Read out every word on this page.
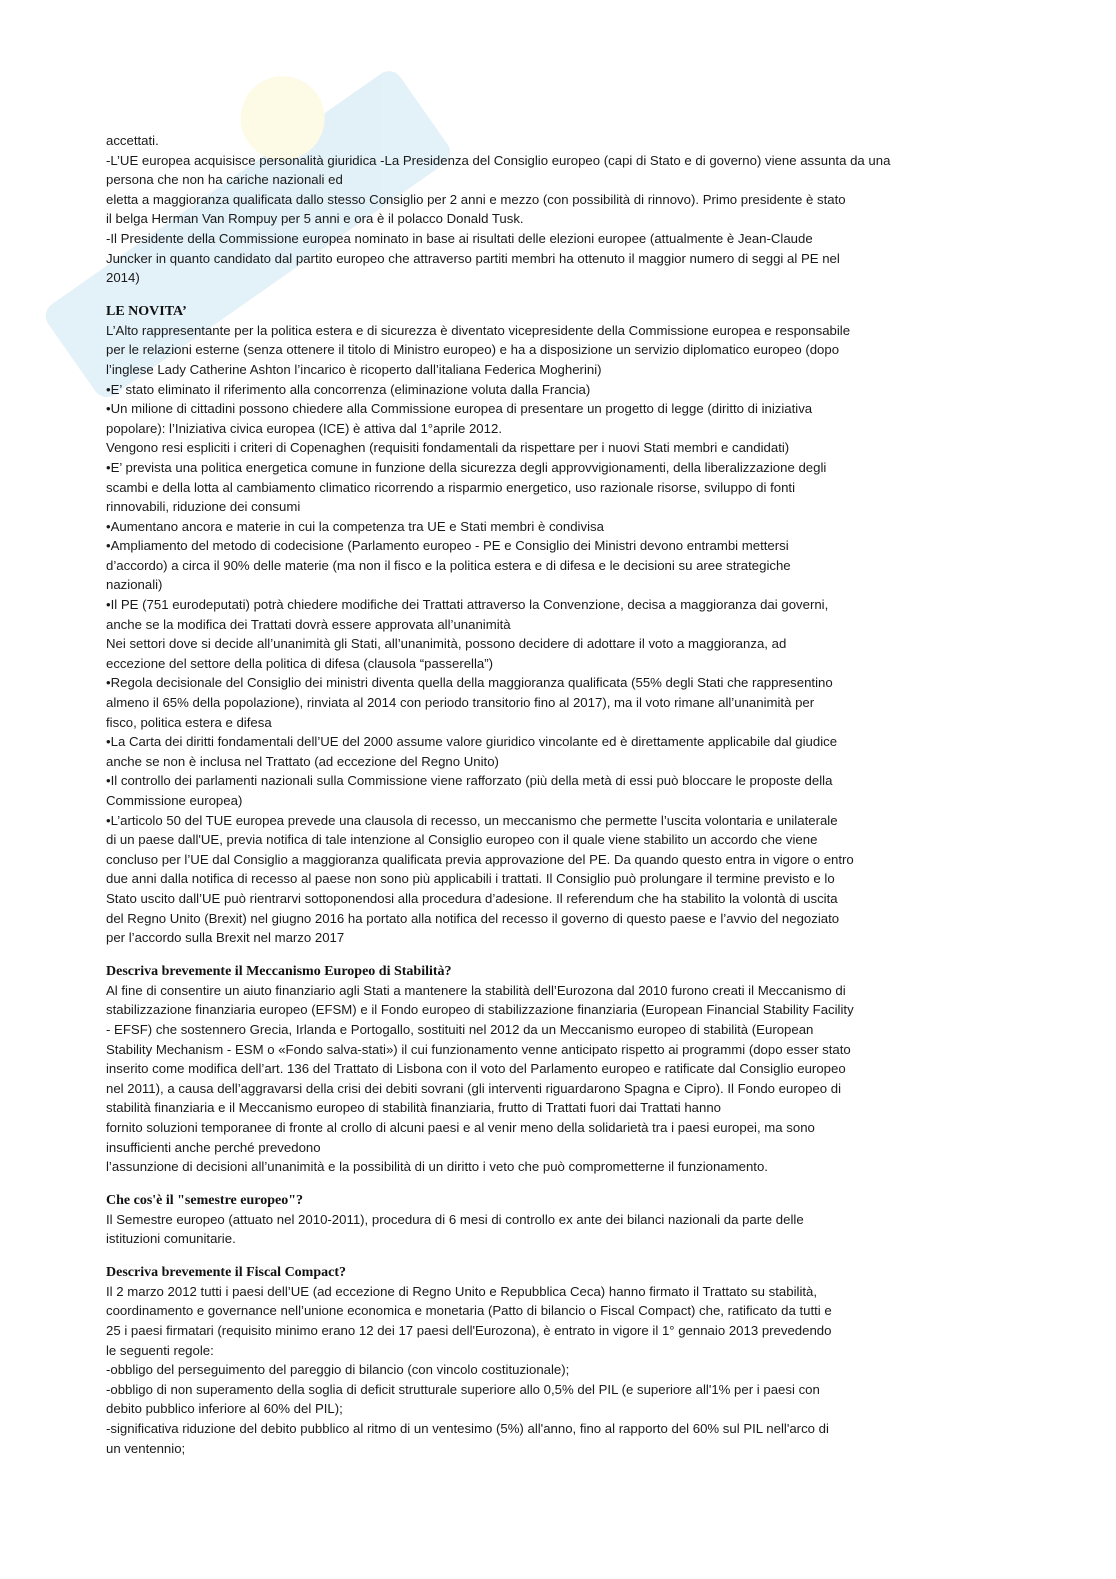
accettati.
-L’UE europea acquisisce personalità giuridica -La Presidenza del Consiglio europeo (capi di Stato e di governo) viene assunta da una
persona che non ha cariche nazionali ed
eletta a maggioranza qualificata dallo stesso Consiglio per 2 anni e mezzo (con possibilità di rinnovo). Primo presidente è stato
il belga Herman Van Rompuy per 5 anni e ora è il polacco Donald Tusk.
-Il Presidente della Commissione europea nominato in base ai risultati delle elezioni europee (attualmente è Jean-Claude
Juncker in quanto candidato dal partito europeo che attraverso partiti membri ha ottenuto il maggior numero di seggi al PE nel
2014)
LE NOVITA’
L’Alto rappresentante per la politica estera e di sicurezza è diventato vicepresidente della Commissione europea e responsabile
per le relazioni esterne (senza ottenere il titolo di Ministro europeo) e ha a disposizione un servizio diplomatico europeo (dopo
l’inglese Lady Catherine Ashton l’incarico è ricoperto dall’italiana Federica Mogherini)
•E’ stato eliminato il riferimento alla concorrenza (eliminazione voluta dalla Francia)
•Un milione di cittadini possono chiedere alla Commissione europea di presentare un progetto di legge (diritto di iniziativa
popolare): l’Iniziativa civica europea (ICE) è attiva dal 1°aprile 2012.
Vengono resi espliciti i criteri di Copenaghen (requisiti fondamentali da rispettare per i nuovi Stati membri e candidati)
•E’ prevista una politica energetica comune in funzione della sicurezza degli approvvigionamenti, della liberalizzazione degli
scambi e della lotta al cambiamento climatico ricorrendo a risparmio energetico, uso razionale risorse, sviluppo di fonti
rinnovabili, riduzione dei consumi
•Aumentano ancora e materie in cui la competenza tra UE e Stati membri è condivisa
•Ampliamento del metodo di codecisione (Parlamento europeo - PE e Consiglio dei Ministri devono entrambi mettersi
d’accordo) a circa il 90% delle materie (ma non il fisco e la politica estera e di difesa e le decisioni su aree strategiche
nazionali)
•Il PE (751 eurodeputati) potrà chiedere modifiche dei Trattati attraverso la Convenzione, decisa a maggioranza dai governi,
anche se la modifica dei Trattati dovrà essere approvata all’unanimità
Nei settori dove si decide all’unanimità gli Stati, all’unanimità, possono decidere di adottare il voto a maggioranza, ad
eccezione del settore della politica di difesa (clausola “passerella”)
•Regola decisionale del Consiglio dei ministri diventa quella della maggioranza qualificata (55% degli Stati che rappresentino
almeno il 65% della popolazione), rinviata al 2014 con periodo transitorio fino al 2017), ma il voto rimane all’unanimità per
fisco, politica estera e difesa
•La Carta dei diritti fondamentali dell’UE del 2000 assume valore giuridico vincolante ed è direttamente applicabile dal giudice
anche se non è inclusa nel Trattato (ad eccezione del Regno Unito)
•Il controllo dei parlamenti nazionali sulla Commissione viene rafforzato (più della metà di essi può bloccare le proposte della
Commissione europea)
•L’articolo 50 del TUE europea prevede una clausola di recesso, un meccanismo che permette l’uscita volontaria e unilaterale
di un paese dall'UE, previa notifica di tale intenzione al Consiglio europeo con il quale viene stabilito un accordo che viene
concluso per l’UE dal Consiglio a maggioranza qualificata previa approvazione del PE. Da quando questo entra in vigore o entro
due anni dalla notifica di recesso al paese non sono più applicabili i trattati. Il Consiglio può prolungare il termine previsto e lo
Stato uscito dall’UE può rientrarvi sottoponendosi alla procedura d’adesione. Il referendum che ha stabilito la volontà di uscita
del Regno Unito (Brexit) nel giugno 2016 ha portato alla notifica del recesso il governo di questo paese e l’avvio del negoziato
per l’accordo sulla Brexit nel marzo 2017
Descriva brevemente il Meccanismo Europeo di Stabilità?
Al fine di consentire un aiuto finanziario agli Stati a mantenere la stabilità dell’Eurozona dal 2010 furono creati il Meccanismo di
stabilizzazione finanziaria europeo (EFSM) e il Fondo europeo di stabilizzazione finanziaria (European Financial Stability Facility
- EFSF) che sostennero Grecia, Irlanda e Portogallo, sostituiti nel 2012 da un Meccanismo europeo di stabilità (European
Stability Mechanism - ESM o «Fondo salva-stati») il cui funzionamento venne anticipato rispetto ai programmi (dopo esser stato
inserito come modifica dell’art. 136 del Trattato di Lisbona con il voto del Parlamento europeo e ratificate dal Consiglio europeo
nel 2011), a causa dell’aggravarsi della crisi dei debiti sovrani (gli interventi riguardarono Spagna e Cipro). Il Fondo europeo di
stabilità finanziaria e il Meccanismo europeo di stabilità finanziaria, frutto di Trattati fuori dai Trattati hanno
fornito soluzioni temporanee di fronte al crollo di alcuni paesi e al venir meno della solidarietà tra i paesi europei, ma sono
insufficienti anche perché prevedono
l’assunzione di decisioni all’unanimità e la possibilità di un diritto i veto che può comprometterne il funzionamento.
Che cos'è il "semestre europeo"?
Il Semestre europeo (attuato nel 2010-2011), procedura di 6 mesi di controllo ex ante dei bilanci nazionali da parte delle
istituzioni comunitarie.
Descriva brevemente il Fiscal Compact?
Il 2 marzo 2012 tutti i paesi dell’UE (ad eccezione di Regno Unito e Repubblica Ceca) hanno firmato il Trattato su stabilità,
coordinamento e governance nell’unione economica e monetaria (Patto di bilancio o Fiscal Compact) che, ratificato da tutti e
25 i paesi firmatari (requisito minimo erano 12 dei 17 paesi dell'Eurozona), è entrato in vigore il 1° gennaio 2013 prevedendo
le seguenti regole:
-obbligo del perseguimento del pareggio di bilancio (con vincolo costituzionale);
-obbligo di non superamento della soglia di deficit strutturale superiore allo 0,5% del PIL (e superiore all'1% per i paesi con
debito pubblico inferiore al 60% del PIL);
-significativa riduzione del debito pubblico al ritmo di un ventesimo (5%) all'anno, fino al rapporto del 60% sul PIL nell'arco di
un ventennio;
